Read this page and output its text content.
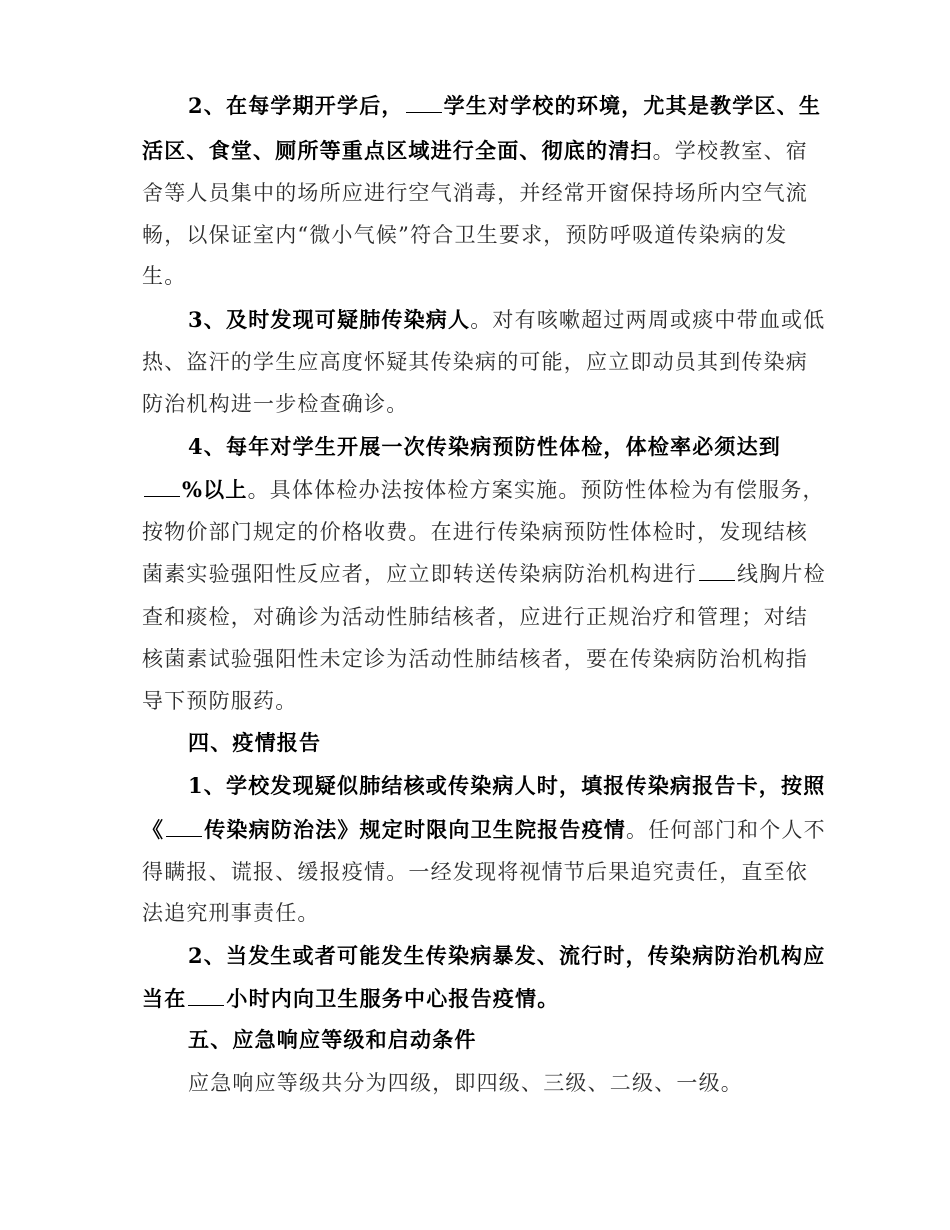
2、在每学期开学后， 学生对学校的环境，尤其是教学区、生
活区、食堂、厕所等重点区域进行全面、彻底的清扫。学校教室、宿
舍等人员集中的场所应进行空气消毒，并经常开窗保持场所内空气流
畅，以保证室内“微小气候”符合卫生要求，预防呼吸道传染病的发
生。
3、及时发现可疑肺传染病人。对有咳嗽超过两周或痰中带血或低
热、盗汗的学生应高度怀疑其传染病的可能，应立即动员其到传染病
防治机构进一步检查确诊。
4、每年对学生开展一次传染病预防性体检，体检率必须达到
%以上。具体体检办法按体检方案实施。预防性体检为有偿服务，
按物价部门规定的价格收费。在进行传染病预防性体检时，发现结核
菌素实验强阳性反应者，应立即转送传染病防治机构进行 线胸片检
查和痰检，对确诊为活动性肺结核者，应进行正规治疗和管理；对结
核菌素试验强阳性未定诊为活动性肺结核者，要在传染病防治机构指
导下预防服药。
四、疫情报告
1、学校发现疑似肺结核或传染病人时，填报传染病报告卡，按照
《 传染病防治法》规定时限向卫生院报告疫情。任何部门和个人不
得瞒报、谎报、缓报疫情。一经发现将视情节后果追究责任，直至依
法追究刑事责任。
2、当发生或者可能发生传染病暴发、流行时，传染病防治机构应
当在 小时内向卫生服务中心报告疫情。
五、应急响应等级和启动条件
应急响应等级共分为四级，即四级、三级、二级、一级。
